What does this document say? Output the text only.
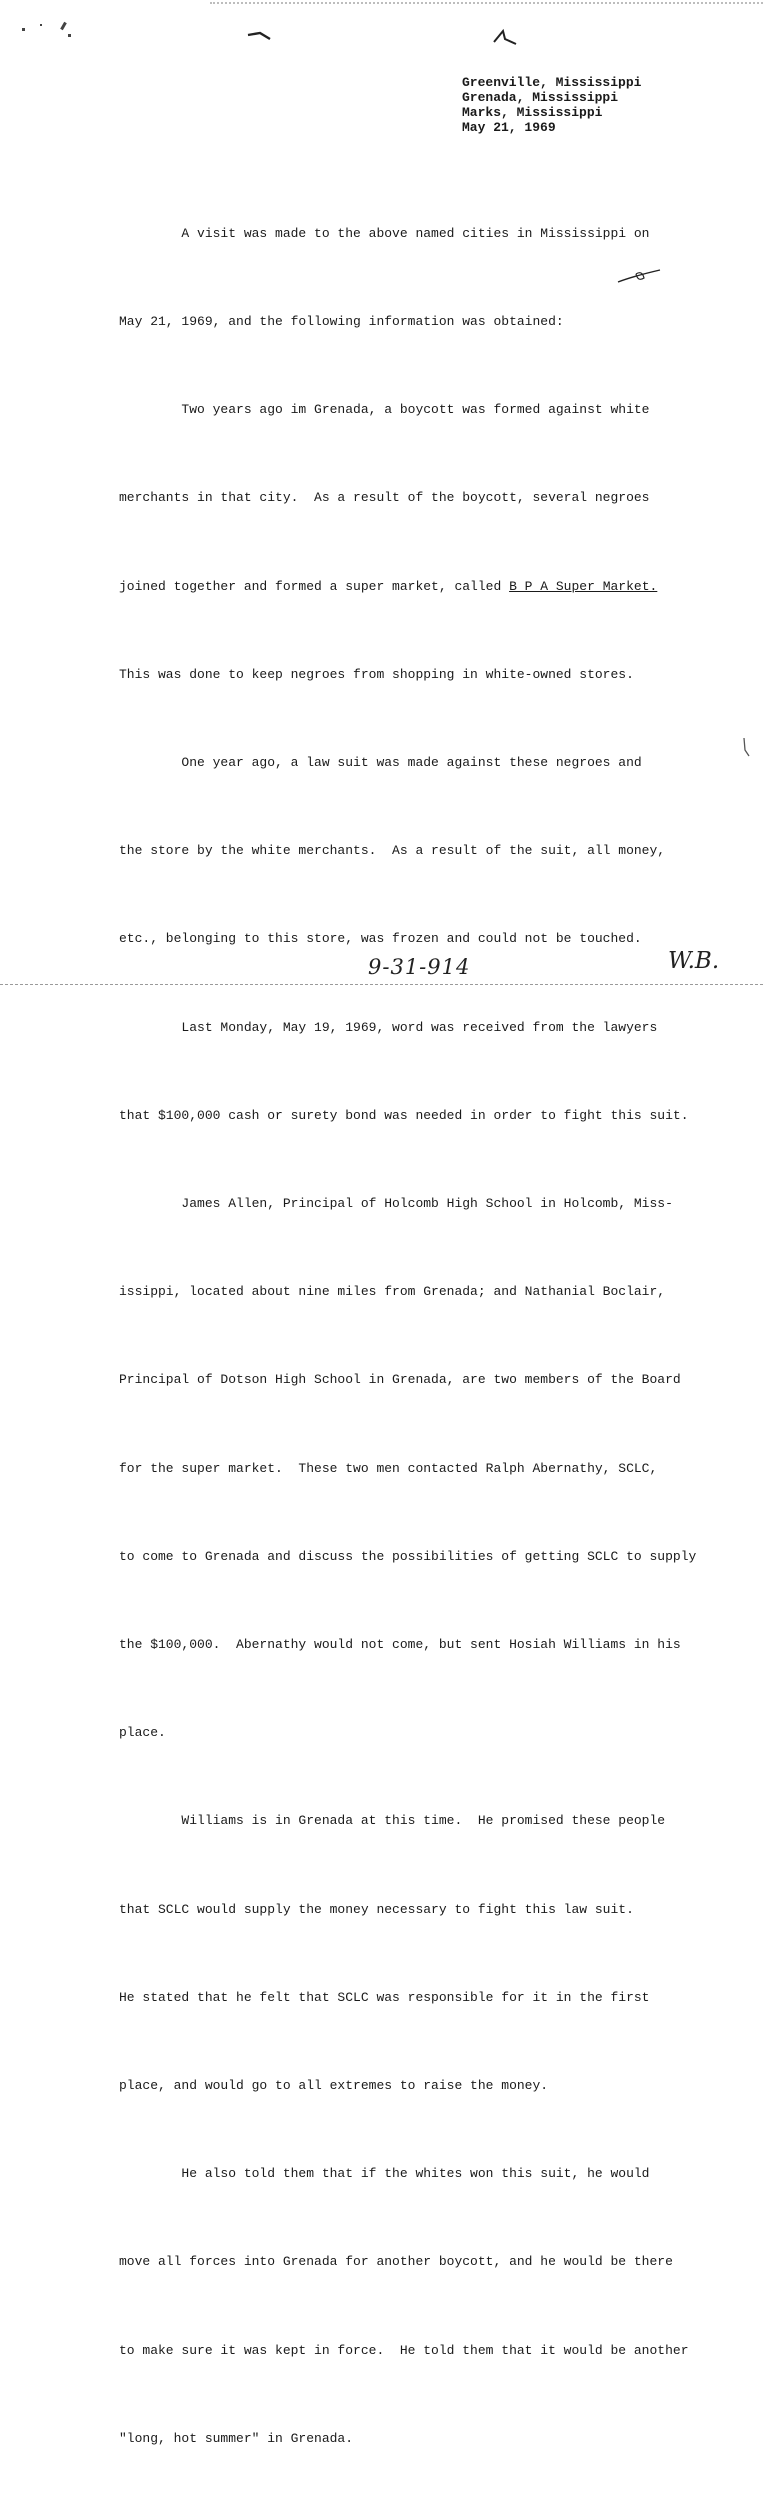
Greenville, Mississippi
Grenada, Mississippi
Marks, Mississippi
May 21, 1969

A visit was made to the above named cities in Mississippi on

May 21, 1969, and the following information was obtained:

Two years ago im Grenada, a boycott was formed against white

merchants in that city.  As a result of the boycott, several negroes

joined together and formed a super market, called B P A Super Market.

This was done to keep negroes from shopping in white-owned stores.

One year ago, a law suit was made against these negroes and

the store by the white merchants.  As a result of the suit, all money,

etc., belonging to this store, was frozen and could not be touched.

Last Monday, May 19, 1969, word was received from the lawyers

that $100,000 cash or surety bond was needed in order to fight this suit.

James Allen, Principal of Holcomb High School in Holcomb, Miss-

issippi, located about nine miles from Grenada; and Nathanial Boclair,

Principal of Dotson High School in Grenada, are two members of the Board

for the super market.  These two men contacted Ralph Abernathy, SCLC,

to come to Grenada and discuss the possibilities of getting SCLC to supply

the $100,000.  Abernathy would not come, but sent Hosiah Williams in his

place.

Williams is in Grenada at this time.  He promised these people

that SCLC would supply the money necessary to fight this law suit.

He stated that he felt that SCLC was responsible for it in the first

place, and would go to all extremes to raise the money.

He also told them that if the whites won this suit, he would

move all forces into Grenada for another boycott, and he would be there

to make sure it was kept in force.  He told them that it would be another

"long, hot summer" in Grenada.

9-31-914	W.B.
